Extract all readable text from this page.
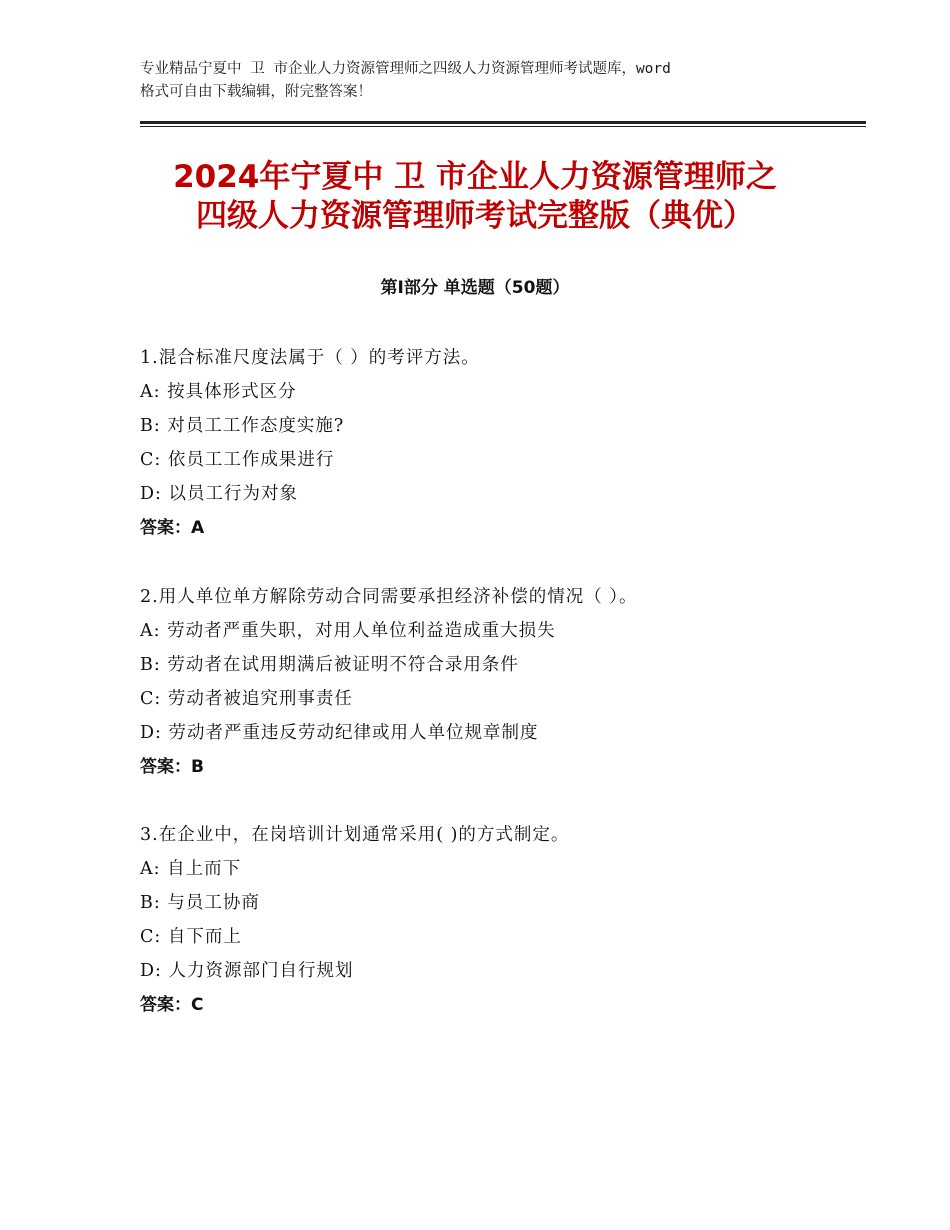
专业精品宁夏中 卫 市企业人力资源管理师之四级人力资源管理师考试题库，word
格式可自由下载编辑，附完整答案！
2024年宁夏中 卫 市企业人力资源管理师之
四级人力资源管理师考试完整版（典优）
第Ⅰ部分 单选题（50题）
1.混合标准尺度法属于（ ）的考评方法。
A: 按具体形式区分
B: 对员工工作态度实施?
C: 依员工工作成果进行
D: 以员工行为对象
答案：A
2.用人单位单方解除劳动合同需要承担经济补偿的情况（ ）。
A: 劳动者严重失职，对用人单位利益造成重大损失
B: 劳动者在试用期满后被证明不符合录用条件
C: 劳动者被追究刑事责任
D: 劳动者严重违反劳动纪律或用人单位规章制度
答案：B
3.在企业中，在岗培训计划通常采用( )的方式制定。
A: 自上而下
B: 与员工协商
C: 自下而上
D: 人力资源部门自行规划
答案：C
